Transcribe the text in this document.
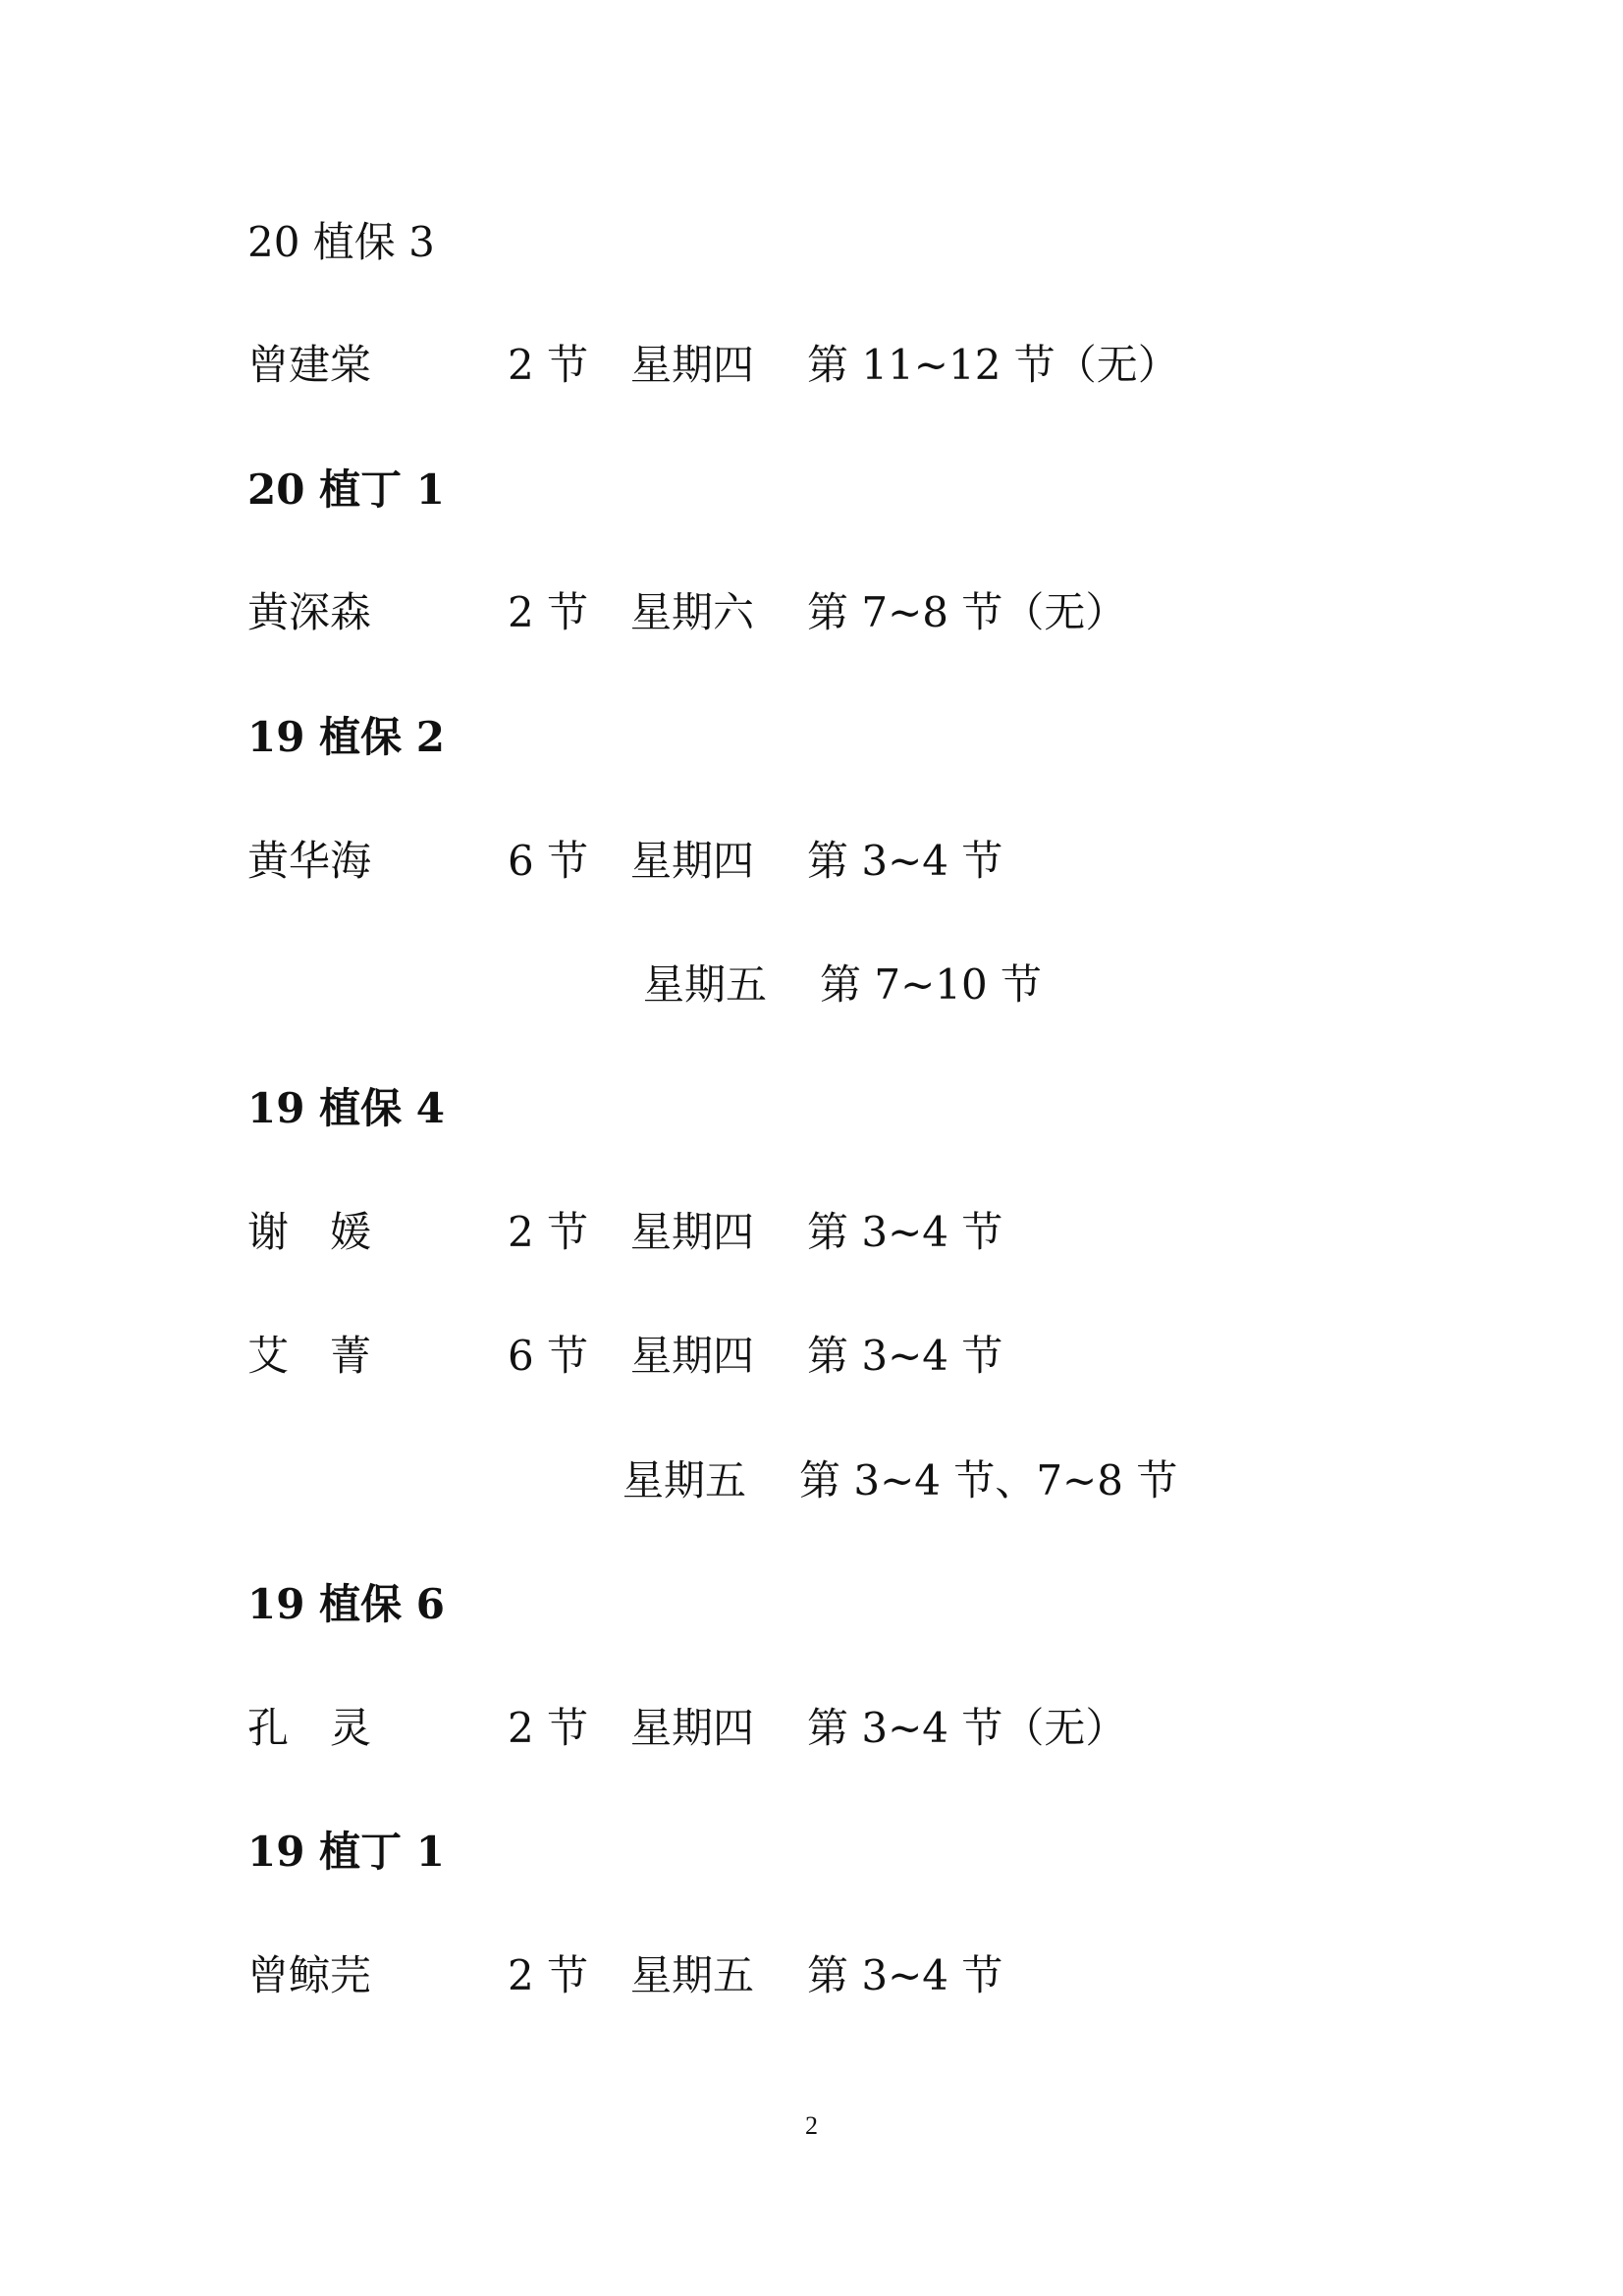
20 植保 3
曾建棠	2 节 星期四 第 11~12 节（无）
20 植丁 1
黄深森	2 节 星期六 第 7~8 节（无）
19 植保 2
黄华海	6 节 星期四 第 3~4 节
星期五 第 7~10 节
19 植保 4
谢　媛	2 节 星期四 第 3~4 节
艾　菁	6 节 星期四 第 3~4 节
星期五 第 3~4 节、7~8 节
19 植保 6
孔　灵	2 节 星期四 第 3~4 节（无）
19 植丁 1
曾鲸芫	2 节 星期五 第 3~4 节
2
